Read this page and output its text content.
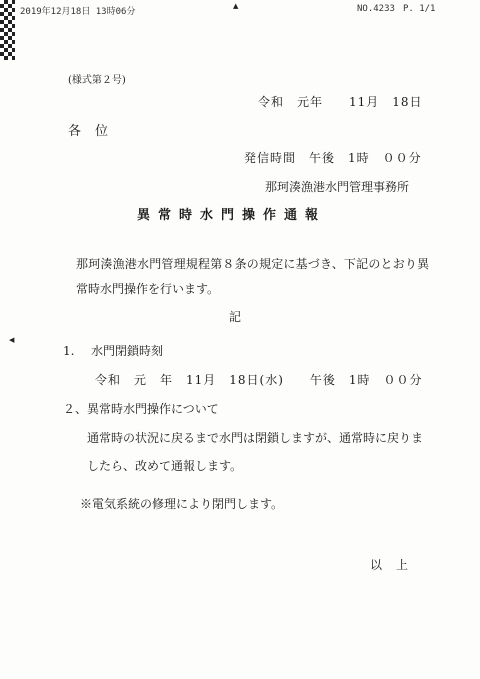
2019年12月18日 13時06分	NO.4233 P. 1/1
▲
◀
(様式第２号)
令和　元年　　11月　18日
各位
発信時間　午後　1時　００分
那珂湊漁港水門管理事務所
異常時水門操作通報
那珂湊漁港水門管理規程第８条の規定に基づき、下記のとおり異
常時水門操作を行います。
記
1. 水門閉鎖時刻
令和　元　年　11月　18日(水) 午後　1時　００分
２、異常時水門操作について
通常時の状況に戻るまで水門は閉鎖しますが、通常時に戻りま
したら、改めて通報します。
※電気系統の修理により閉門します。
以上
